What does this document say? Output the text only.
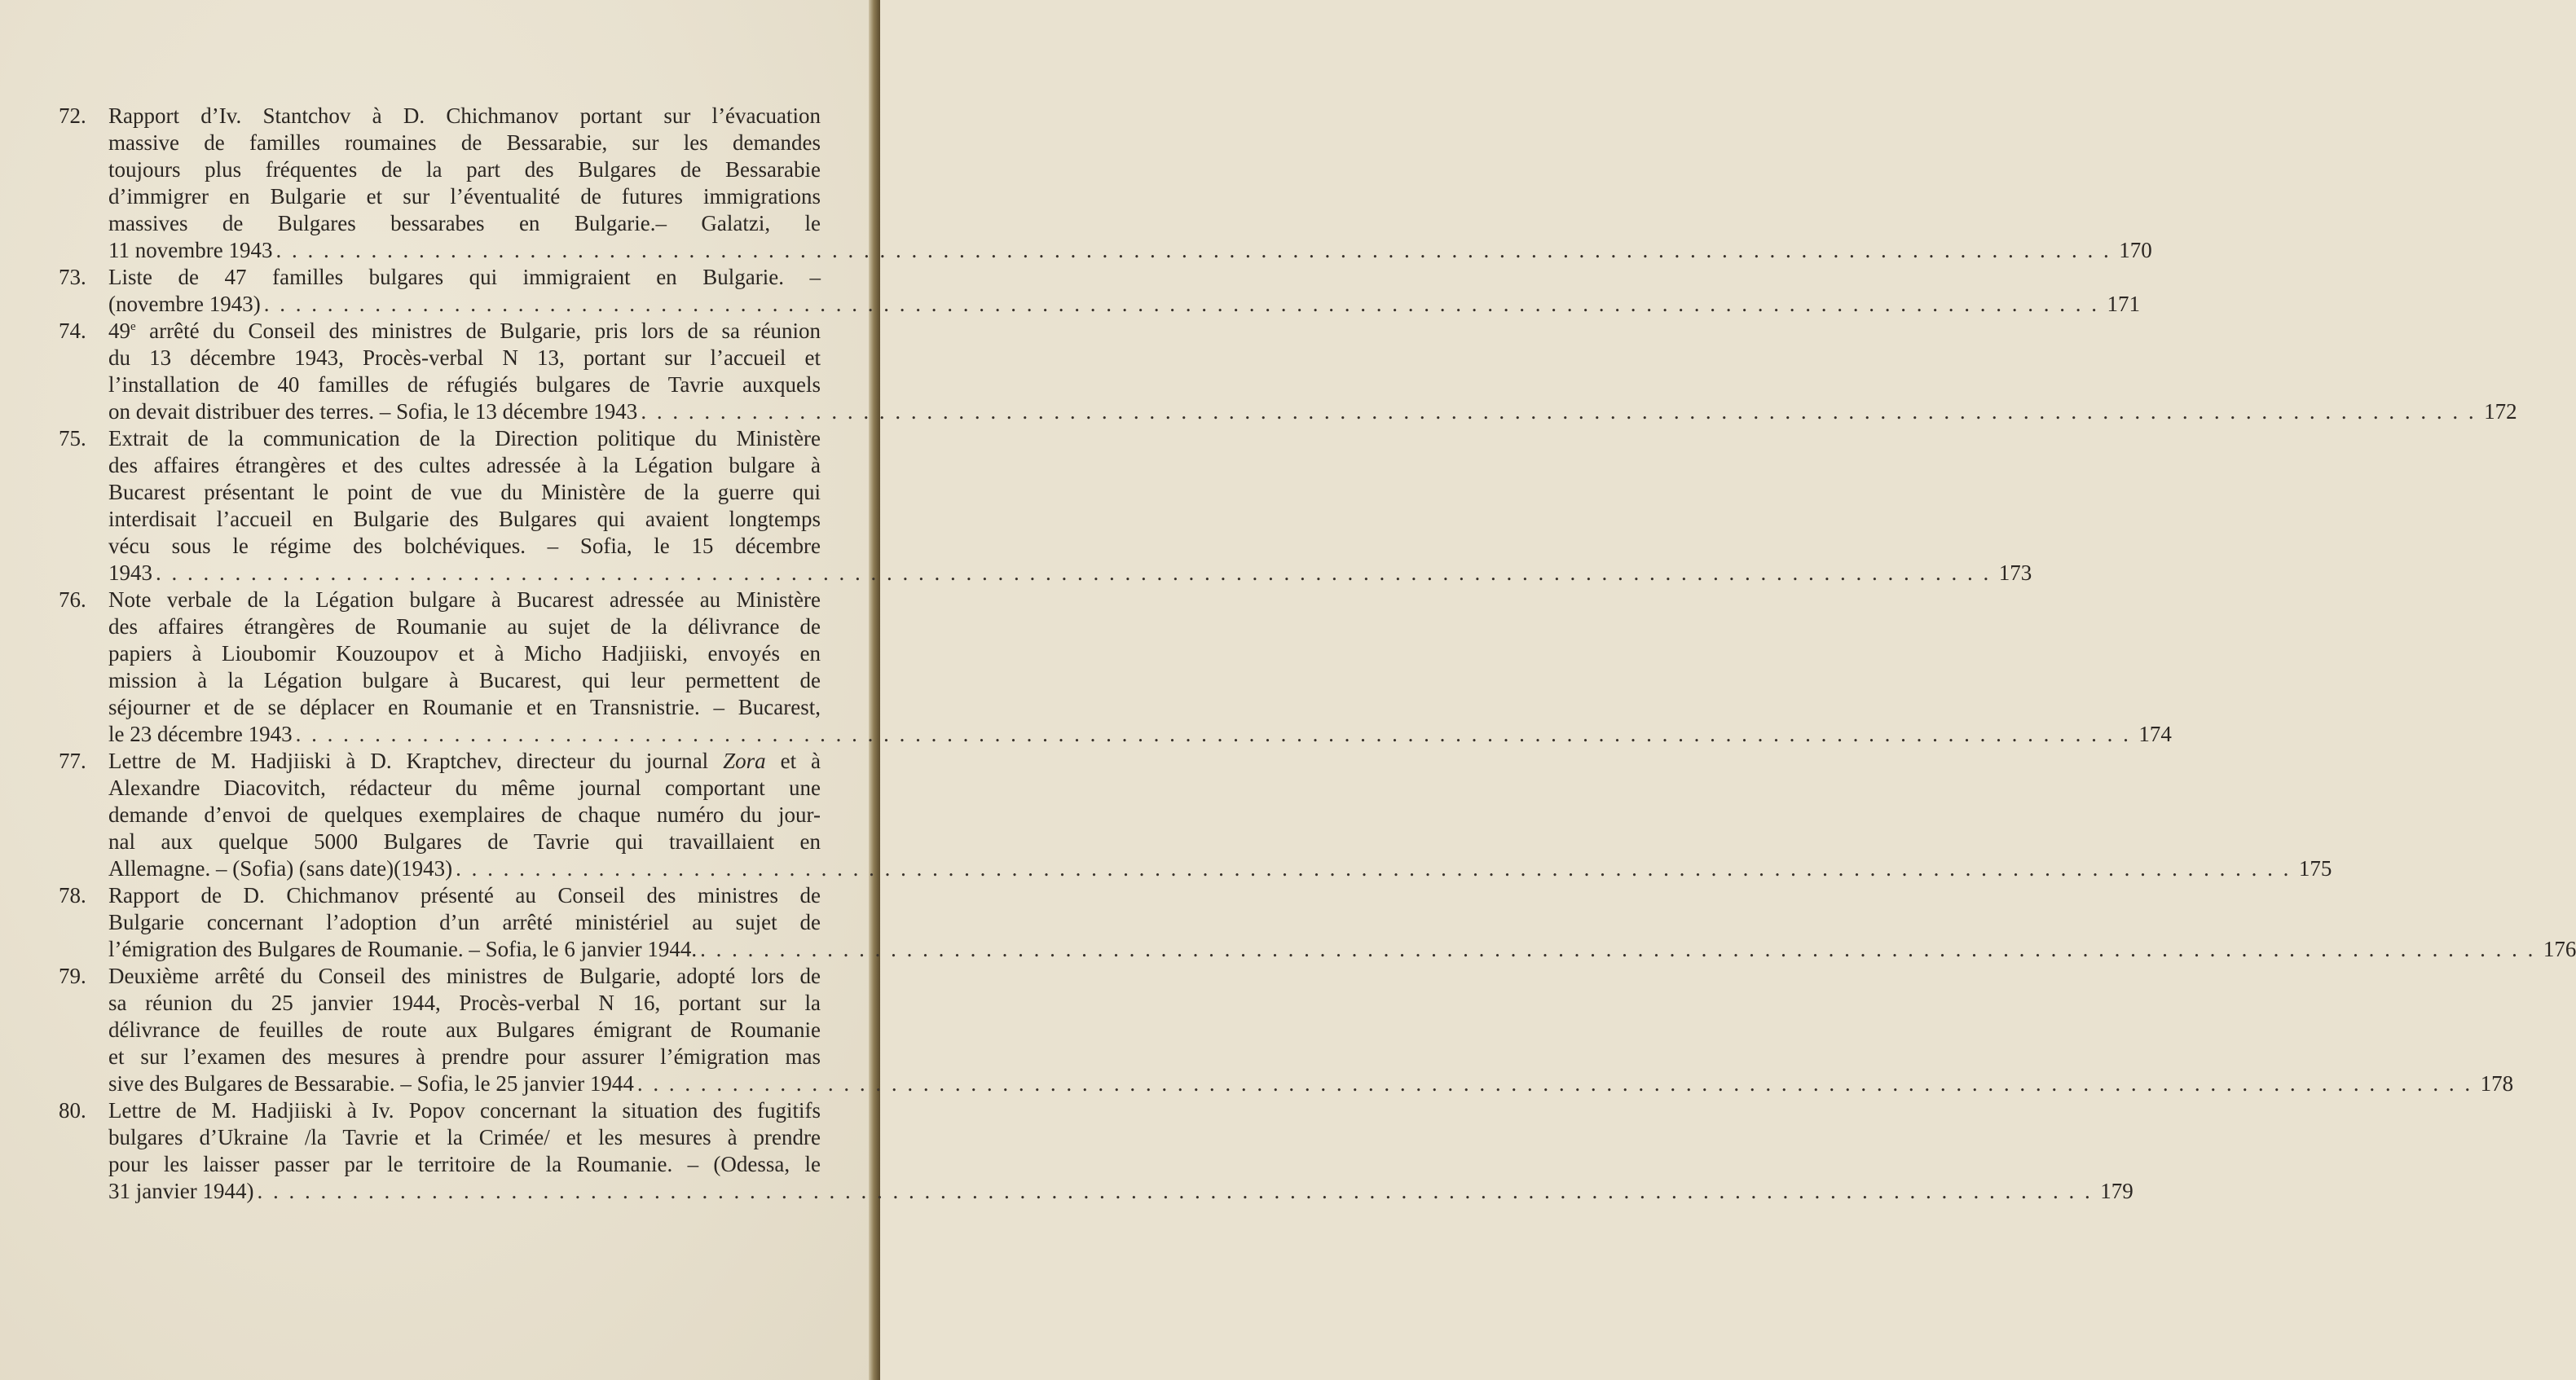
72.	Rapport d’Iv. Stantchov à D. Chichmanov portant sur l’évacuation
massive de familles roumaines de Bessarabie, sur les demandes
toujours plus fréquentes de la part des Bulgares de Bessarabie
d’immigrer en Bulgarie et sur l’éventualité de futures immigrations
massives de Bulgares bessarabes en Bulgarie.– Galatzi, le
11 novembre 1943 . . . . . . . . . . . . . . . . . . . . . . . . . . . . . . . . . . . . . . . . . . . . . . . . . . . . . . . . . . . . . . . . . . . . . . . . . . . . . . . . . . . . . . . . . . . . . . . . . . . . . . . . . . . . . . . . . . . . 170
73.	Liste de 47 familles bulgares qui immigraient en Bulgarie. –
(novembre 1943) . . . . . . . . . . . . . . . . . . . . . . . . . . . . . . . . . . . . . . . . . . . . . . . . . . . . . . . . . . . . . . . . . . . . . . . . . . . . . . . . . . . . . . . . . . . . . . . . . . . . . . . . . . . . . . . . . . . . 171
74.	49e arrêté du Conseil des ministres de Bulgarie, pris lors de sa réunion
du 13 décembre 1943, Procès-verbal N 13, portant sur l’accueil et
l’installation de 40 familles de réfugiés bulgares de Tavrie auxquels
on devait distribuer des terres. – Sofia, le 13 décembre 1943 . . . . . . . . . . . . . . . . . . . . . . . . . . . . . . . . . . . . . . . . . . . . . . . . . . . . . . . . . . . . . . . . . . . . . . . . . . . . . . . . . . . . . . . . . . . . . . . . . . . . . . . . . . . . . . . . . . . . 172
75.	Extrait de la communication de la Direction politique du Ministère
des affaires étrangères et des cultes adressée à la Légation bulgare à
Bucarest présentant le point de vue du Ministère de la guerre qui
interdisait l’accueil en Bulgarie des Bulgares qui avaient longtemps
vécu sous le régime des bolchéviques. – Sofia, le 15 décembre
1943 . . . . . . . . . . . . . . . . . . . . . . . . . . . . . . . . . . . . . . . . . . . . . . . . . . . . . . . . . . . . . . . . . . . . . . . . . . . . . . . . . . . . . . . . . . . . . . . . . . . . . . . . . . . . . . . . . . . . 173
76.	Note verbale de la Légation bulgare à Bucarest adressée au Ministère
des affaires étrangères de Roumanie au sujet de la délivrance de
papiers à Lioubomir Kouzoupov et à Micho Hadjiiski, envoyés en
mission à la Légation bulgare à Bucarest, qui leur permettent de
séjourner et de se déplacer en Roumanie et en Transnistrie. – Bucarest,
le 23 décembre 1943 . . . . . . . . . . . . . . . . . . . . . . . . . . . . . . . . . . . . . . . . . . . . . . . . . . . . . . . . . . . . . . . . . . . . . . . . . . . . . . . . . . . . . . . . . . . . . . . . . . . . . . . . . . . . . . . . . . . . 174
77.	Lettre de M. Hadjiiski à D. Kraptchev, directeur du journal Zora et à
Alexandre Diacovitch, rédacteur du même journal comportant une
demande d’envoi de quelques exemplaires de chaque numéro du jour-
nal aux quelque 5000 Bulgares de Tavrie qui travaillaient en
Allemagne. – (Sofia) (sans date)(1943) . . . . . . . . . . . . . . . . . . . . . . . . . . . . . . . . . . . . . . . . . . . . . . . . . . . . . . . . . . . . . . . . . . . . . . . . . . . . . . . . . . . . . . . . . . . . . . . . . . . . . . . . . . . . . . . . . . . . 175
78.	Rapport de D. Chichmanov présenté au Conseil des ministres de
Bulgarie concernant l’adoption d’un arrêté ministériel au sujet de
l’émigration des Bulgares de Roumanie. – Sofia, le 6 janvier 1944. . . . . . . . . . . . . . . . . . . . . . . . . . . . . . . . . . . . . . . . . . . . . . . . . . . . . . . . . . . . . . . . . . . . . . . . . . . . . . . . . . . . . . . . . . . . . . . . . . . . . . . . . . . . . . . . . . . . . 176
79.	Deuxième arrêté du Conseil des ministres de Bulgarie, adopté lors de
sa réunion du 25 janvier 1944, Procès-verbal N 16, portant sur la
délivrance de feuilles de route aux Bulgares émigrant de Roumanie
et sur l’examen des mesures à prendre pour assurer l’émigration mas
sive des Bulgares de Bessarabie. – Sofia, le 25 janvier 1944 . . . . . . . . . . . . . . . . . . . . . . . . . . . . . . . . . . . . . . . . . . . . . . . . . . . . . . . . . . . . . . . . . . . . . . . . . . . . . . . . . . . . . . . . . . . . . . . . . . . . . . . . . . . . . . . . . . . . 178
80.	Lettre de M. Hadjiiski à Iv. Popov concernant la situation des fugitifs
bulgares d’Ukraine /la Tavrie et la Crimée/ et les mesures à prendre
pour les laissеr passer par le territoire de la Roumanie. – (Odessa, le
31 janvier 1944) . . . . . . . . . . . . . . . . . . . . . . . . . . . . . . . . . . . . . . . . . . . . . . . . . . . . . . . . . . . . . . . . . . . . . . . . . . . . . . . . . . . . . . . . . . . . . . . . . . . . . . . . . . . . . . . . . . . . 179
